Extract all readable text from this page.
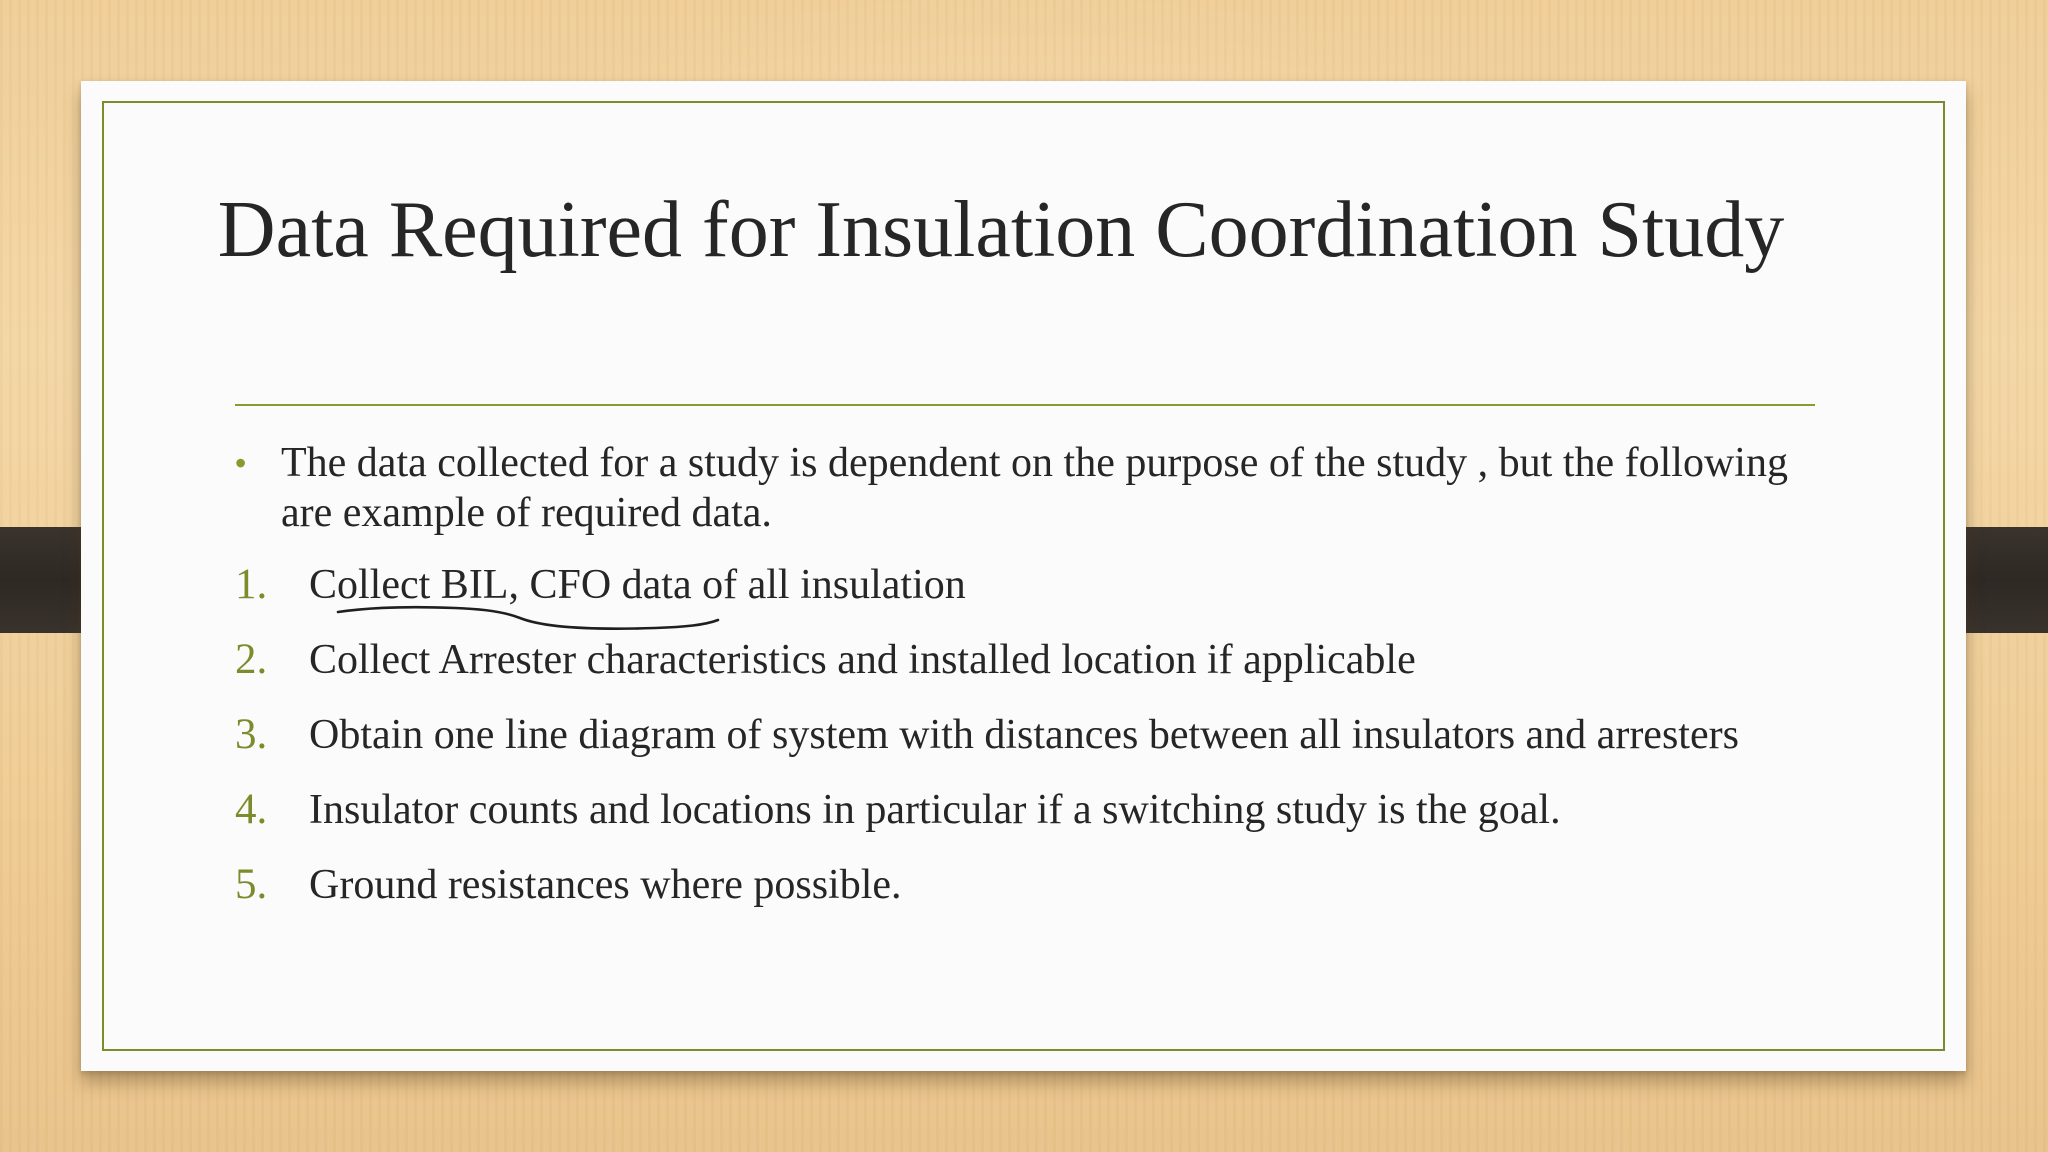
Data Required for Insulation Coordination Study
• The data collected for a study is dependent on the purpose of the study , but the following are example of required data.

1. Collect BIL, CFO data of all insulation
2. Collect Arrester characteristics and installed location if applicable
3. Obtain one line diagram of system with distances between all insulators and arresters
4. Insulator counts and locations in particular if a switching study is the goal.
5. Ground resistances where possible.
